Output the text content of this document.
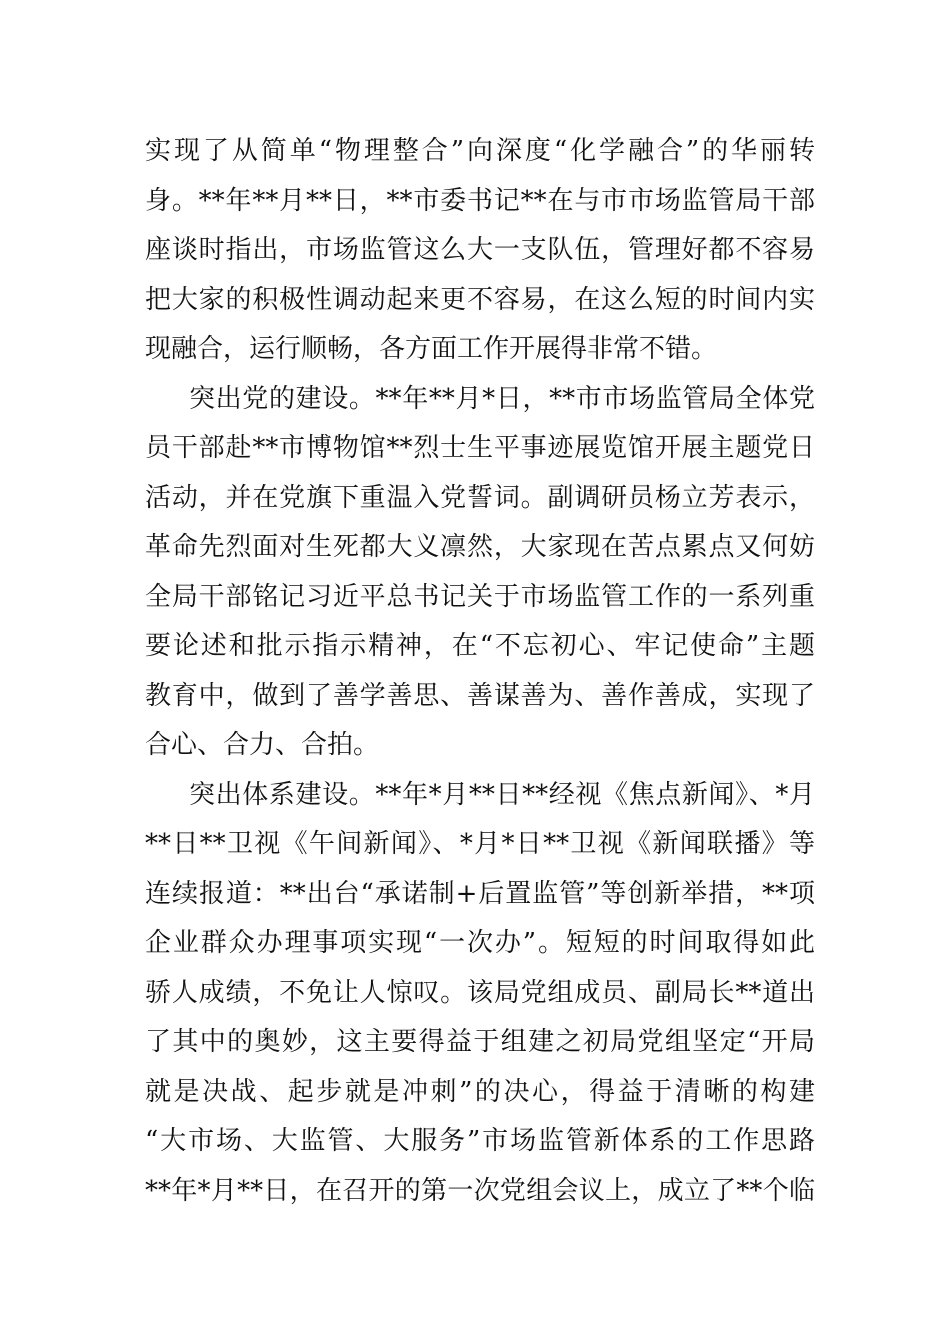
实现了从简单“物理整合”向深度“化学融合”的华丽转
身。**年**月**日，**市委书记**在与市市场监管局干部
座谈时指出，市场监管这么大一支队伍，管理好都不容易
把大家的积极性调动起来更不容易，在这么短的时间内实
现融合，运行顺畅，各方面工作开展得非常不错。
突出党的建设。**年**月*日，**市市场监管局全体党
员干部赴**市博物馆**烈士生平事迹展览馆开展主题党日
活动，并在党旗下重温入党誓词。副调研员杨立芳表示，
革命先烈面对生死都大义凛然，大家现在苦点累点又何妨
全局干部铭记习近平总书记关于市场监管工作的一系列重
要论述和批示指示精神，在“不忘初心、牢记使命”主题
教育中，做到了善学善思、善谋善为、善作善成，实现了
合心、合力、合拍。
突出体系建设。**年*月**日**经视《焦点新闻》、*月
**日**卫视《午间新闻》、*月*日**卫视《新闻联播》等
连续报道：**出台“承诺制+后置监管”等创新举措，**项
企业群众办理事项实现“一次办”。短短的时间取得如此
骄人成绩，不免让人惊叹。该局党组成员、副局长**道出
了其中的奥妙，这主要得益于组建之初局党组坚定“开局
就是决战、起步就是冲刺”的决心，得益于清晰的构建
“大市场、大监管、大服务”市场监管新体系的工作思路
**年*月**日，在召开的第一次党组会议上，成立了**个临
